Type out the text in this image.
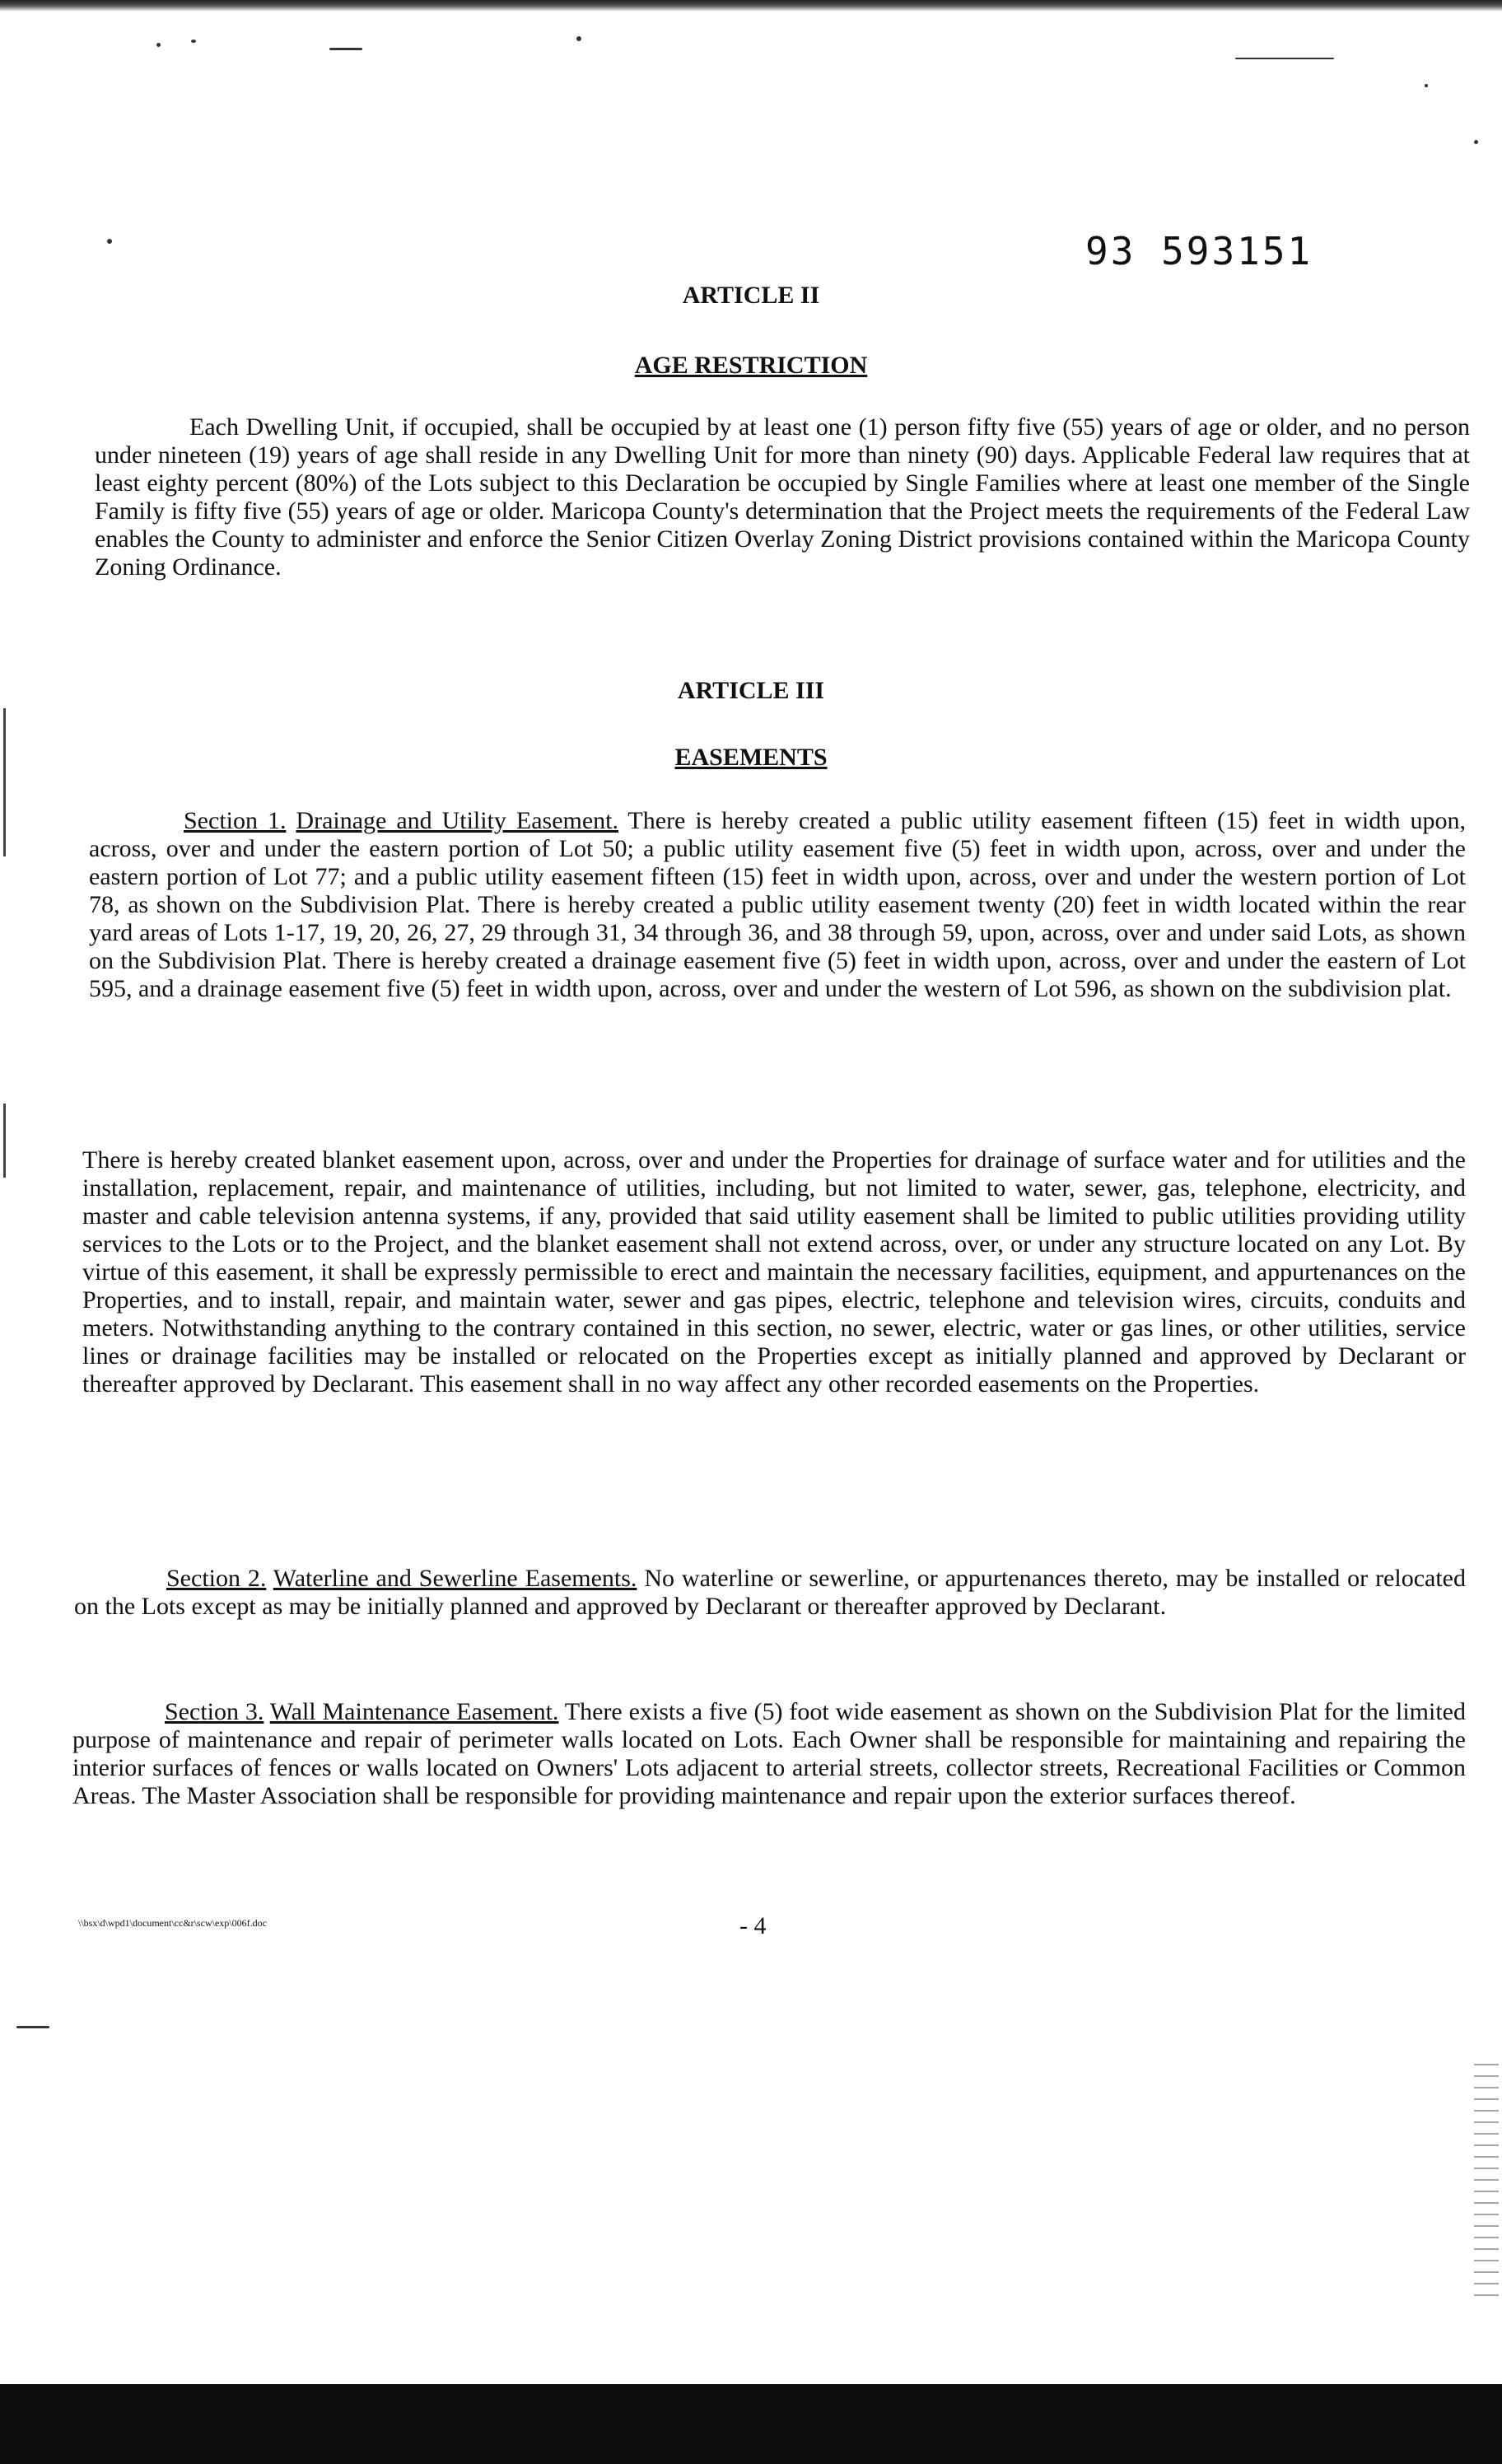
93 593151
ARTICLE II
AGE RESTRICTION

Each Dwelling Unit, if occupied, shall be occupied by at least one (1) person fifty five (55) years of age or older, and no person under nineteen (19) years of age shall reside in any Dwelling Unit for more than ninety (90) days. Applicable Federal law requires that at least eighty percent (80%) of the Lots subject to this Declaration be occupied by Single Families where at least one member of the Single Family is fifty five (55) years of age or older. Maricopa County's determination that the Project meets the requirements of the Federal Law enables the County to administer and enforce the Senior Citizen Overlay Zoning District provisions contained within the Maricopa County Zoning Ordinance.

ARTICLE III
EASEMENTS

Section 1. Drainage and Utility Easement. There is hereby created a public utility easement fifteen (15) feet in width upon, across, over and under the eastern portion of Lot 50; a public utility easement five (5) feet in width upon, across, over and under the eastern portion of Lot 77; and a public utility easement fifteen (15) feet in width upon, across, over and under the western portion of Lot 78, as shown on the Subdivision Plat. There is hereby created a public utility easement twenty (20) feet in width located within the rear yard areas of Lots 1-17, 19, 20, 26, 27, 29 through 31, 34 through 36, and 38 through 59, upon, across, over and under said Lots, as shown on the Subdivision Plat. There is hereby created a drainage easement five (5) feet in width upon, across, over and under the eastern of Lot 595, and a drainage easement five (5) feet in width upon, across, over and under the western of Lot 596, as shown on the subdivision plat.

There is hereby created blanket easement upon, across, over and under the Properties for drainage of surface water and for utilities and the installation, replacement, repair, and maintenance of utilities, including, but not limited to water, sewer, gas, telephone, electricity, and master and cable television antenna systems, if any, provided that said utility easement shall be limited to public utilities providing utility services to the Lots or to the Project, and the blanket easement shall not extend across, over, or under any structure located on any Lot. By virtue of this easement, it shall be expressly permissible to erect and maintain the necessary facilities, equipment, and appurtenances on the Properties, and to install, repair, and maintain water, sewer and gas pipes, electric, telephone and television wires, circuits, conduits and meters. Notwithstanding anything to the contrary contained in this section, no sewer, electric, water or gas lines, or other utilities, service lines or drainage facilities may be installed or relocated on the Properties except as initially planned and approved by Declarant or thereafter approved by Declarant. This easement shall in no way affect any other recorded easements on the Properties.

Section 2. Waterline and Sewerline Easements. No waterline or sewerline, or appurtenances thereto, may be installed or relocated on the Lots except as may be initially planned and approved by Declarant or thereafter approved by Declarant.

Section 3. Wall Maintenance Easement. There exists a five (5) foot wide easement as shown on the Subdivision Plat for the limited purpose of maintenance and repair of perimeter walls located on Lots. Each Owner shall be responsible for maintaining and repairing the interior surfaces of fences or walls located on Owners' Lots adjacent to arterial streets, collector streets, Recreational Facilities or Common Areas. The Master Association shall be responsible for providing maintenance and repair upon the exterior surfaces thereof.

\\bsx\d\wpd1\document\cc&r\scw\exp\006f.doc	- 4
